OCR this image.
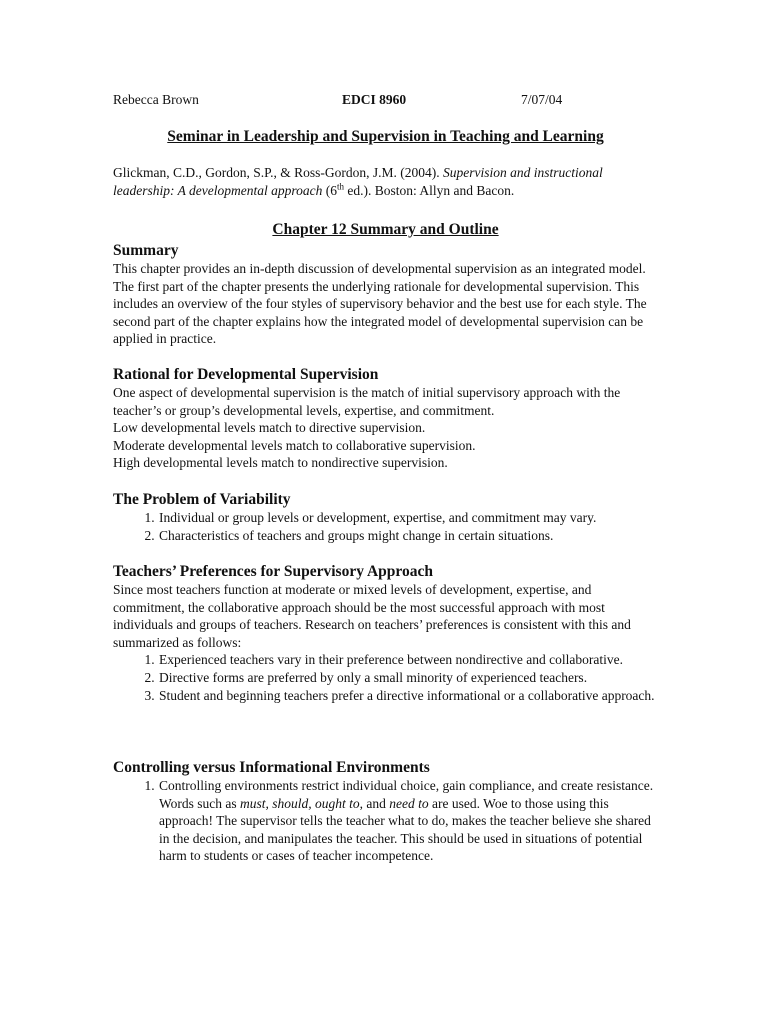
Rebecca Brown	EDCI 8960	7/07/04
Seminar in Leadership and Supervision in Teaching and Learning
Glickman, C.D., Gordon, S.P., & Ross-Gordon, J.M. (2004). Supervision and instructional leadership: A developmental approach (6th ed.). Boston: Allyn and Bacon.
Chapter 12 Summary and Outline
Summary

This chapter provides an in-depth discussion of developmental supervision as an integrated model. The first part of the chapter presents the underlying rationale for developmental supervision. This includes an overview of the four styles of supervisory behavior and the best use for each style. The second part of the chapter explains how the integrated model of developmental supervision can be applied in practice.

Rational for Developmental Supervision

One aspect of developmental supervision is the match of initial supervisory approach with the teacher’s or group’s developmental levels, expertise, and commitment.

Low developmental levels match to directive supervision.

Moderate developmental levels match to collaborative supervision.

High developmental levels match to nondirective supervision.

The Problem of Variability
1. Individual or group levels or development, expertise, and commitment may vary.
2. Characteristics of teachers and groups might change in certain situations.
Teachers’ Preferences for Supervisory Approach

Since most teachers function at moderate or mixed levels of development, expertise, and commitment, the collaborative approach should be the most successful approach with most individuals and groups of teachers. Research on teachers’ preferences is consistent with this and summarized as follows:

1. Experienced teachers vary in their preference between nondirective and collaborative.
2. Directive forms are preferred by only a small minority of experienced teachers.
3. Student and beginning teachers prefer a directive informational or a collaborative approach.
Controlling versus Informational Environments
1. Controlling environments restrict individual choice, gain compliance, and create resistance. Words such as must, should, ought to, and need to are used. Woe to those using this approach! The supervisor tells the teacher what to do, makes the teacher believe she shared in the decision, and manipulates the teacher. This should be used in situations of potential harm to students or cases of teacher incompetence.
